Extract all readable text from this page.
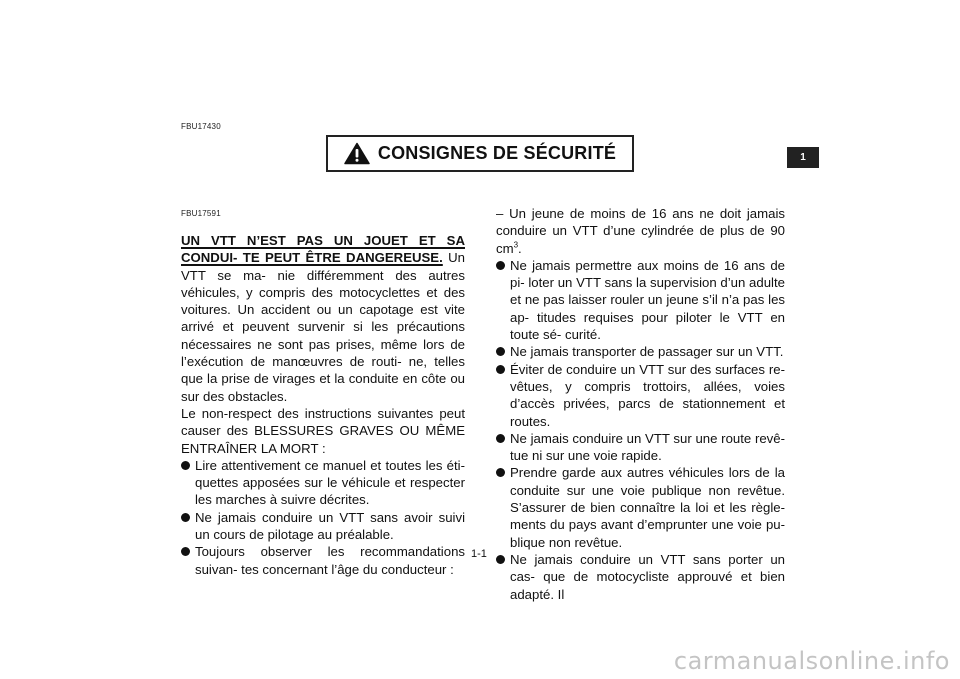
FBU17430
CONSIGNES DE SÉCURITÉ	1
FBU17591

UN VTT N’EST PAS UN JOUET ET SA CONDUI- TE PEUT ÊTRE DANGEREUSE. Un VTT se ma- nie différemment des autres véhicules, y compris des motocyclettes et des voitures. Un accident ou un capotage est vite arrivé et peuvent survenir si les précautions nécessaires ne sont pas prises, même lors de l’exécution de manœuvres de routi- ne, telles que la prise de virages et la conduite en côte ou sur des obstacles.

Le non-respect des instructions suivantes peut causer des BLESSURES GRAVES OU MÊME ENTRAÎNER LA MORT :

Lire attentivement ce manuel et toutes les éti- quettes apposées sur le véhicule et respecter les marches à suivre décrites.

Ne jamais conduire un VTT sans avoir suivi un cours de pilotage au préalable.

Toujours observer les recommandations suivan- tes concernant l’âge du conducteur :

– Un jeune de moins de 16 ans ne doit jamais conduire un VTT d’une cylindrée de plus de 90 $cm^3$.

Ne jamais permettre aux moins de 16 ans de pi- loter un VTT sans la supervision d’un adulte et ne pas laisser rouler un jeune s’il n’a pas les ap- titudes requises pour piloter le VTT en toute sé- curité.

Ne jamais transporter de passager sur un VTT.

Éviter de conduire un VTT sur des surfaces re- vêtues, y compris trottoirs, allées, voies d’accès privées, parcs de stationnement et routes.

Ne jamais conduire un VTT sur une route revê- tue ni sur une voie rapide.

Prendre garde aux autres véhicules lors de la conduite sur une voie publique non revêtue. S’assurer de bien connaître la loi et les règle- ments du pays avant d’emprunter une voie pu- blique non revêtue.

Ne jamais conduire un VTT sans porter un cas- que de motocycliste approuvé et bien adapté. Il

1-1
carmanualsonline.info
